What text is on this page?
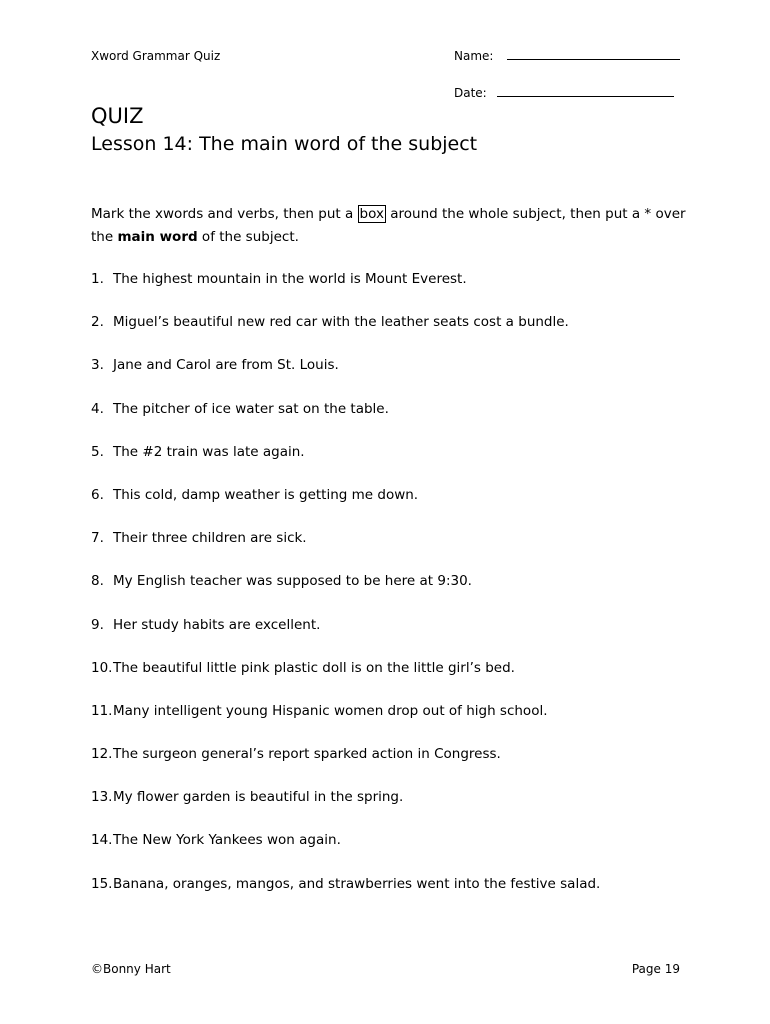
Xword Grammar Quiz	Name:
Date:
QUIZ
Lesson 14: The main word of the subject
Mark the xwords and verbs, then put a box around the whole subject, then put a * over the main word of the subject.
1. The highest mountain in the world is Mount Everest.
2. Miguel’s beautiful new red car with the leather seats cost a bundle.
3. Jane and Carol are from St. Louis.
4. The pitcher of ice water sat on the table.
5. The #2 train was late again.
6. This cold, damp weather is getting me down.
7. Their three children are sick.
8. My English teacher was supposed to be here at 9:30.
9. Her study habits are excellent.
10.The beautiful little pink plastic doll is on the little girl’s bed.
11.Many intelligent young Hispanic women drop out of high school.
12.The surgeon general’s report sparked action in Congress.
13.My flower garden is beautiful in the spring.
14.The New York Yankees won again.
15.Banana, oranges, mangos, and strawberries went into the festive salad.
©Bonny Hart	Page 19
